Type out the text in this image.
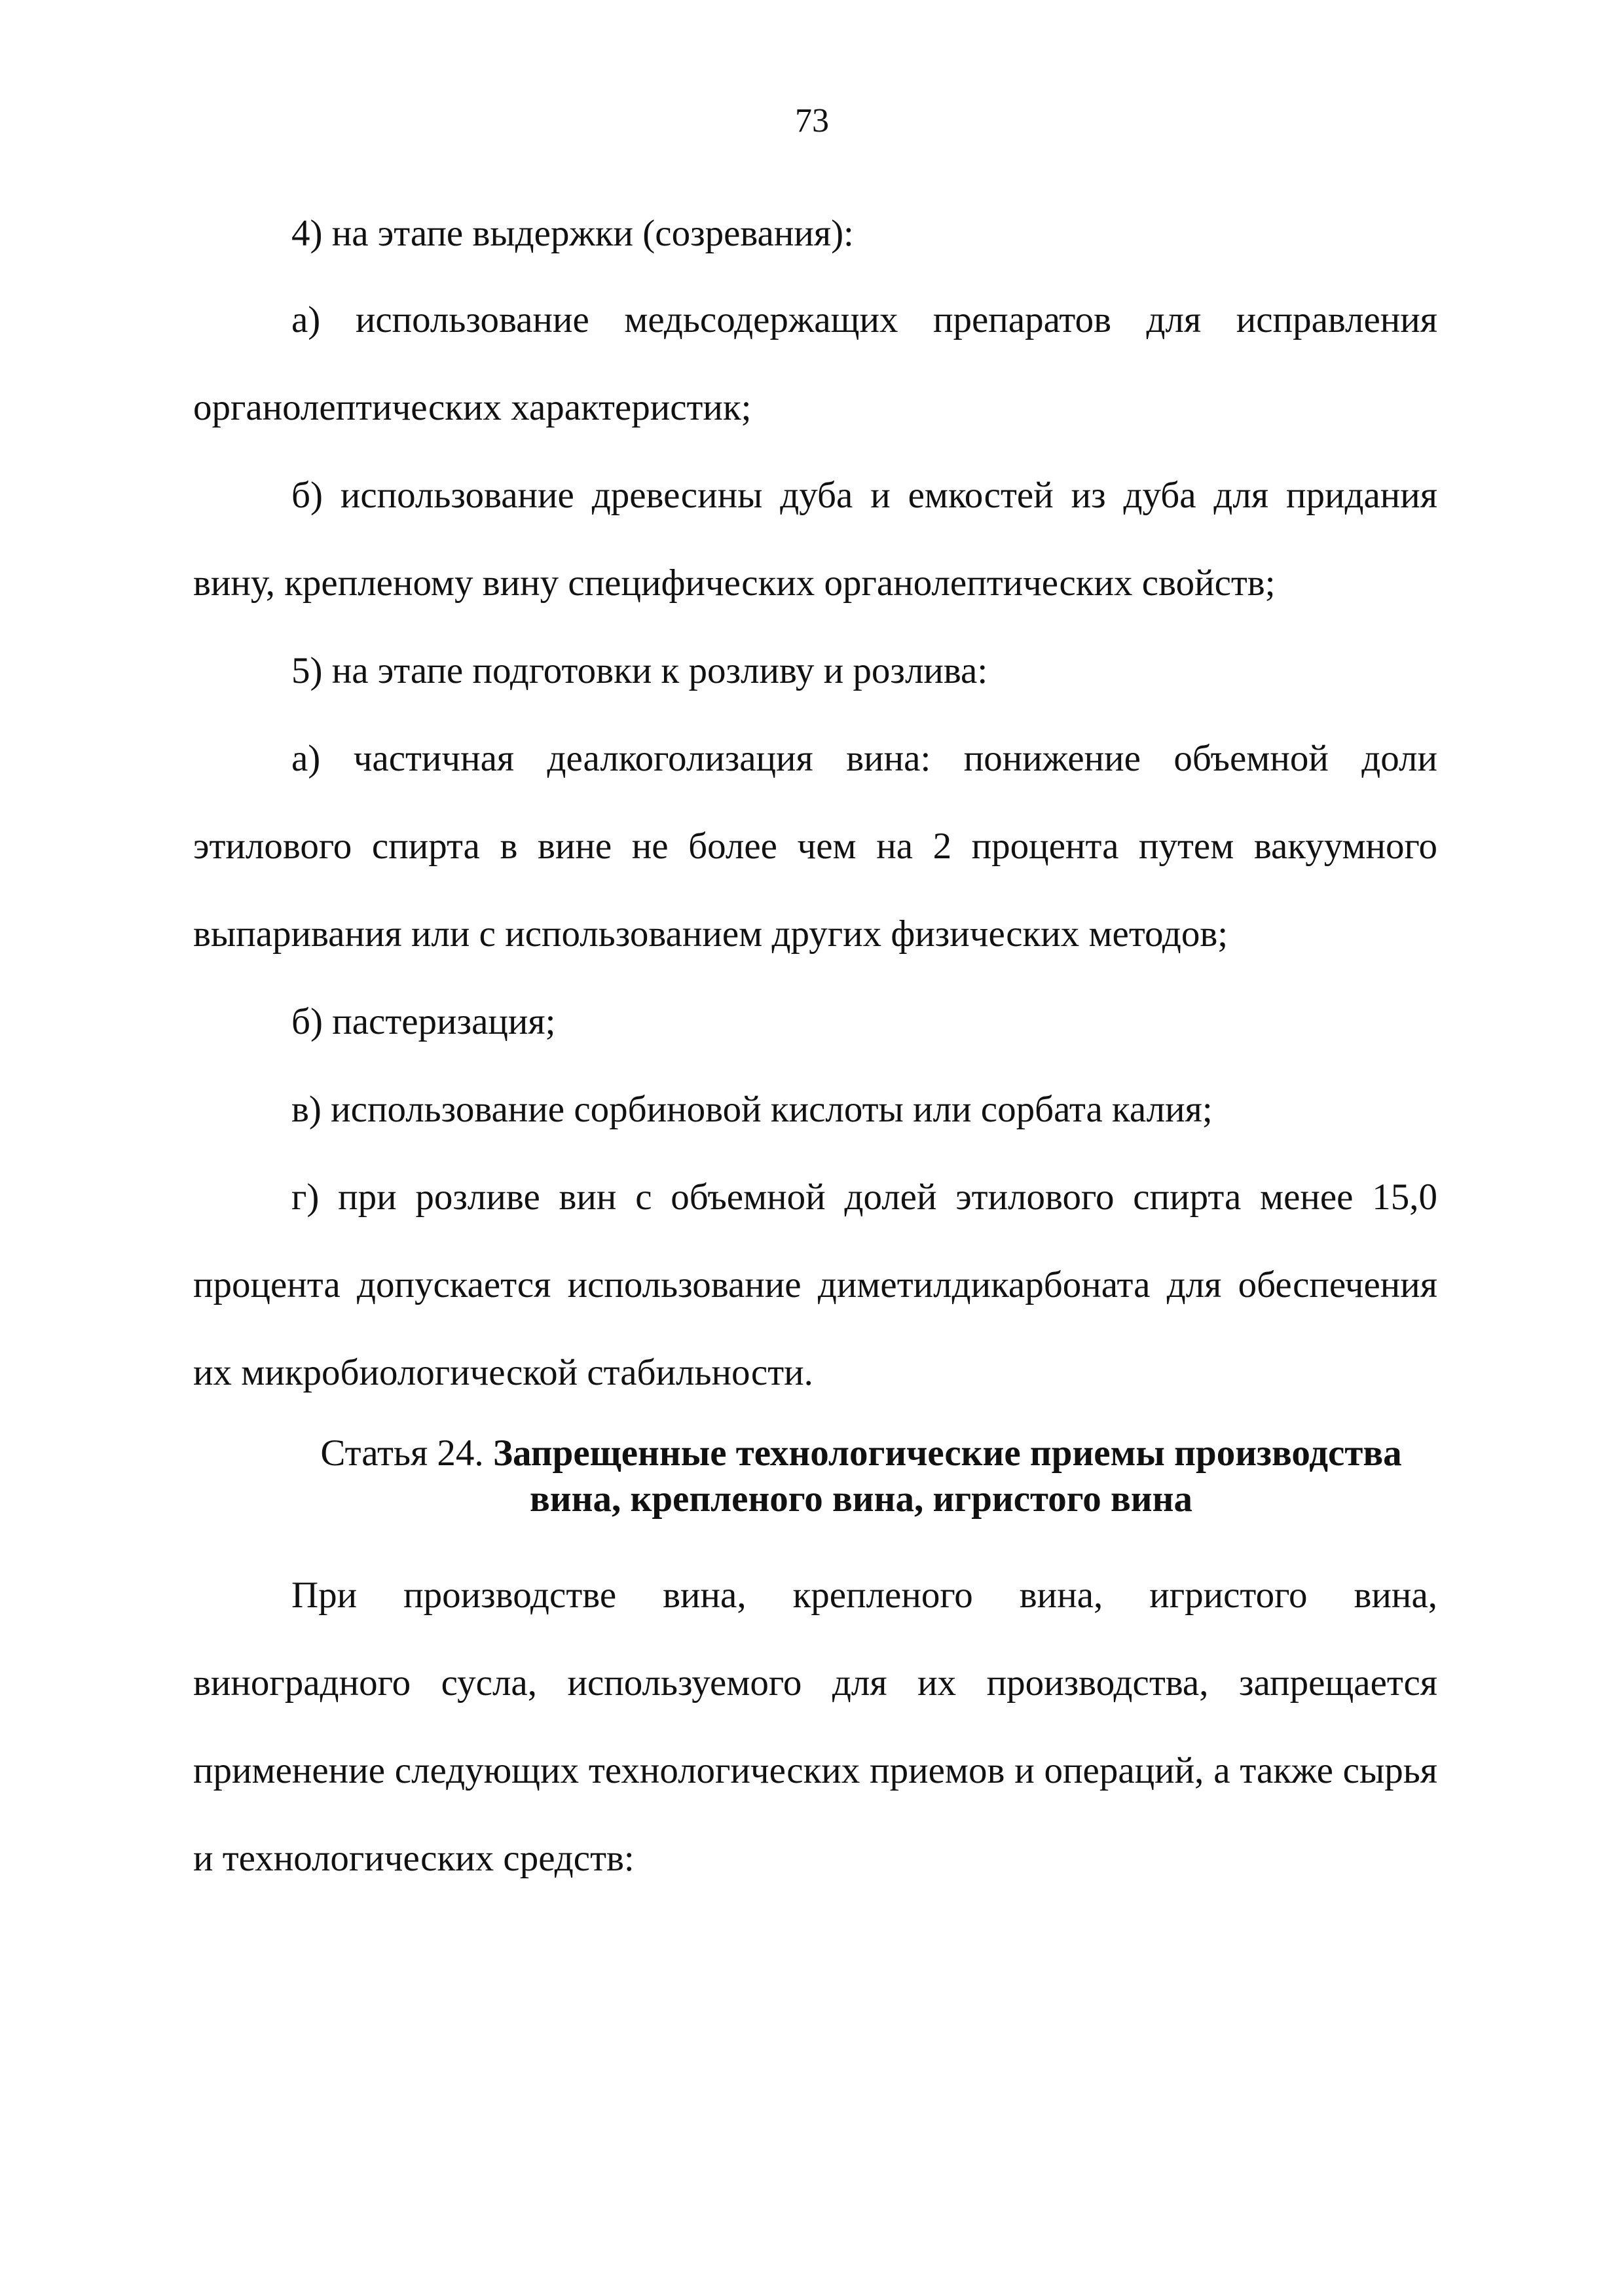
73

4) на этапе выдержки (созревания):

а) использование медьсодержащих препаратов для исправления органолептических характеристик;

б) использование древесины дуба и емкостей из дуба для придания вину, крепленому вину специфических органолептических свойств;

5) на этапе подготовки к розливу и розлива:

а) частичная деалкоголизация вина: понижение объемной доли этилового спирта в вине не более чем на 2 процента путем вакуумного выпаривания или с использованием других физических методов;

б) пастеризация;

в) использование сорбиновой кислоты или сорбата калия;

г) при розливе вин с объемной долей этилового спирта менее 15,0 процента допускается использование диметилдикарбоната для обеспечения их микробиологической стабильности.

Статья 24. Запрещенные технологические приемы производства вина, крепленого вина, игристого вина

При производстве вина, крепленого вина, игристого вина, виноградного сусла, используемого для их производства, запрещается применение следующих технологических приемов и операций, а также сырья и технологических средств:
